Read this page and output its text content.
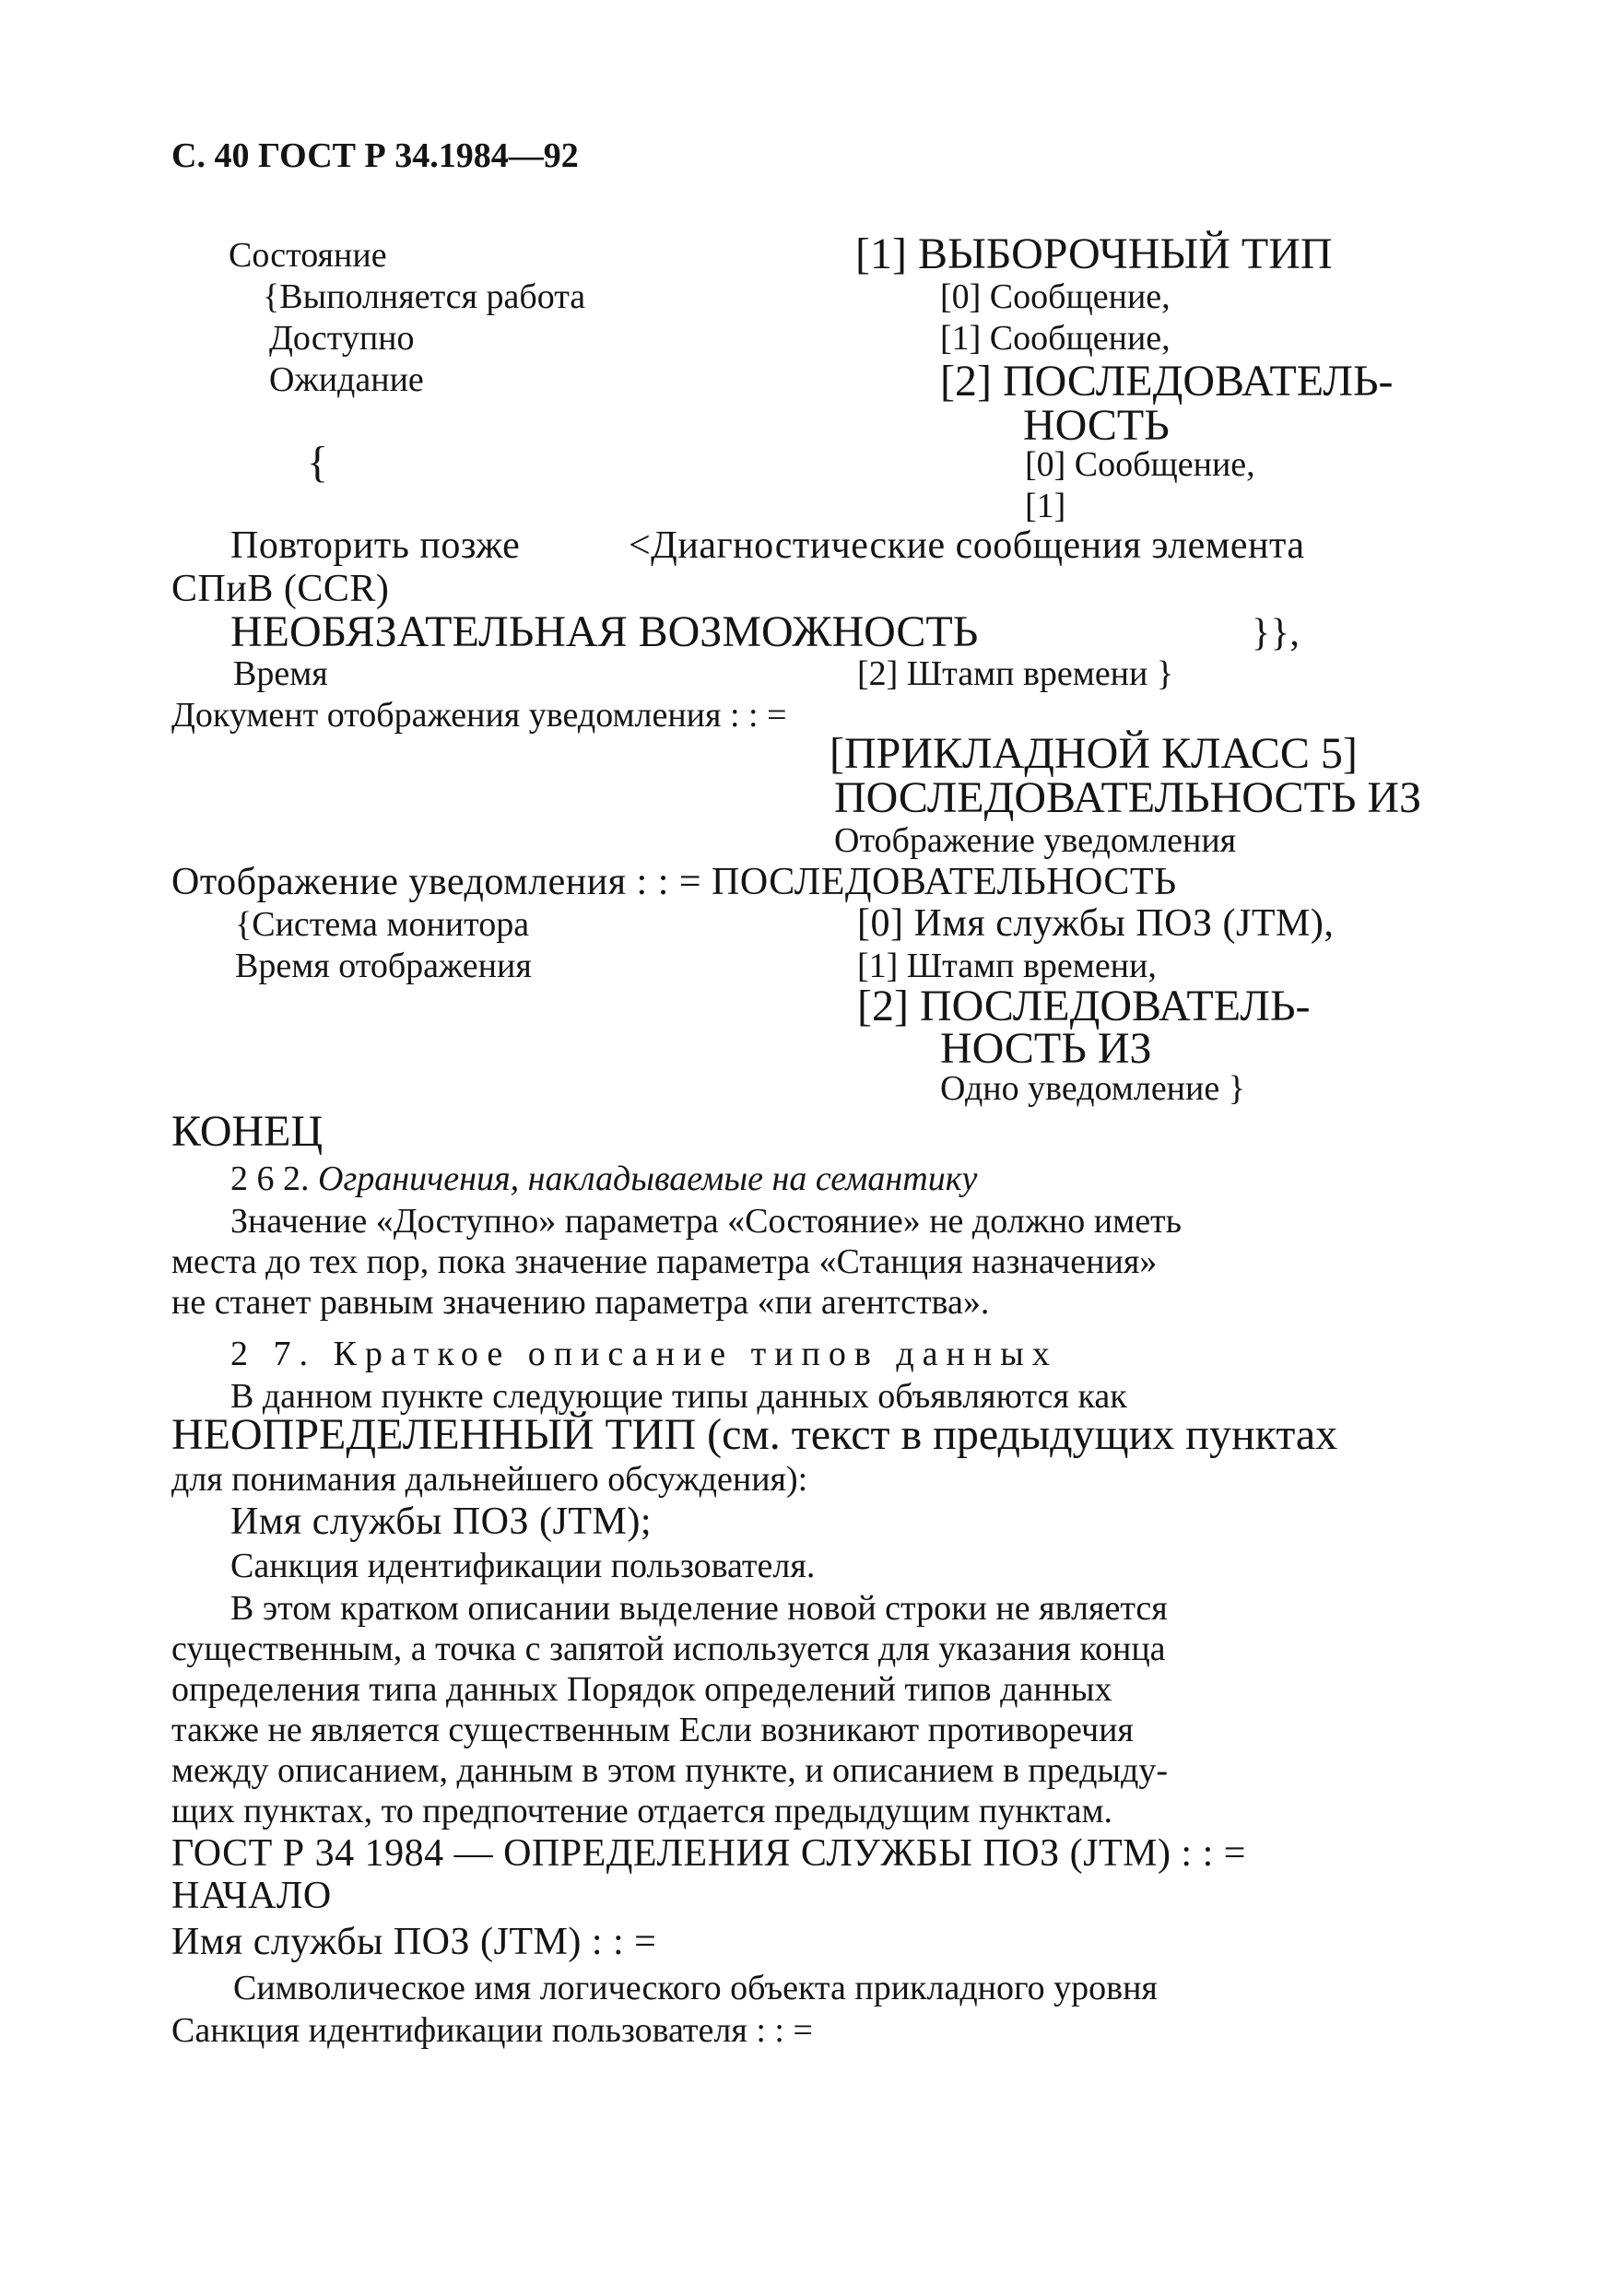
С. 40 ГОСТ Р 34.1984—92
Состояние
{Выполняется работа
Доступно
Ожидание
{
[1] ВЫБОРОЧНЫЙ ТИП
[0] Сообщение,
[1] Сообщение,
[2] ПОСЛЕДОВАТЕЛЬ-
НОСТЬ
[0] Сообщение,
[1]
Повторить позже	<Диагностические сообщения элемента
СПиВ (CCR)
НЕОБЯЗАТЕЛЬНАЯ ВОЗМОЖНОСТЬ	}},
Время	[2] Штамп времени }
Документ отображения уведомления : : =
[ПРИКЛАДНОЙ КЛАСС 5]
ПОСЛЕДОВАТЕЛЬНОСТЬ ИЗ
Отображение уведомления
Отображение уведомления : : = ПОСЛЕДОВАТЕЛЬНОСТЬ
{Система монитора
Время отображения
[0] Имя службы ПОЗ (JTM),
[1] Штамп времени,
[2] ПОСЛЕДОВАТЕЛЬ-
НОСТЬ ИЗ
Одно уведомление }
КОНЕЦ
2 6 2. Ограничения, накладываемые на семантику
Значение «Доступно» параметра «Состояние» не должно иметь
места до тех пор, пока значение параметра «Станция назначения»
не станет равным значению параметра «пи агентства».
2 7. Краткое описание типов данных
В данном пункте следующие типы данных объявляются как
НЕОПРЕДЕЛЕННЫЙ ТИП (см. текст в предыдущих пунктах
для понимания дальнейшего обсуждения):
Имя службы ПОЗ (JTM);
Санкция идентификации пользователя.
В этом кратком описании выделение новой строки не является
существенным, а точка с запятой используется для указания конца
определения типа данных Порядок определений типов данных
также не является существенным Если возникают противоречия
между описанием, данным в этом пункте, и описанием в предыду-
щих пунктах, то предпочтение отдается предыдущим пунктам.
ГОСТ Р 34 1984 — ОПРЕДЕЛЕНИЯ СЛУЖБЫ ПОЗ (JTM) : : =
НАЧАЛО
Имя службы ПОЗ (JTM) : : =
Символическое имя логического объекта прикладного уровня
Санкция идентификации пользователя : : =
